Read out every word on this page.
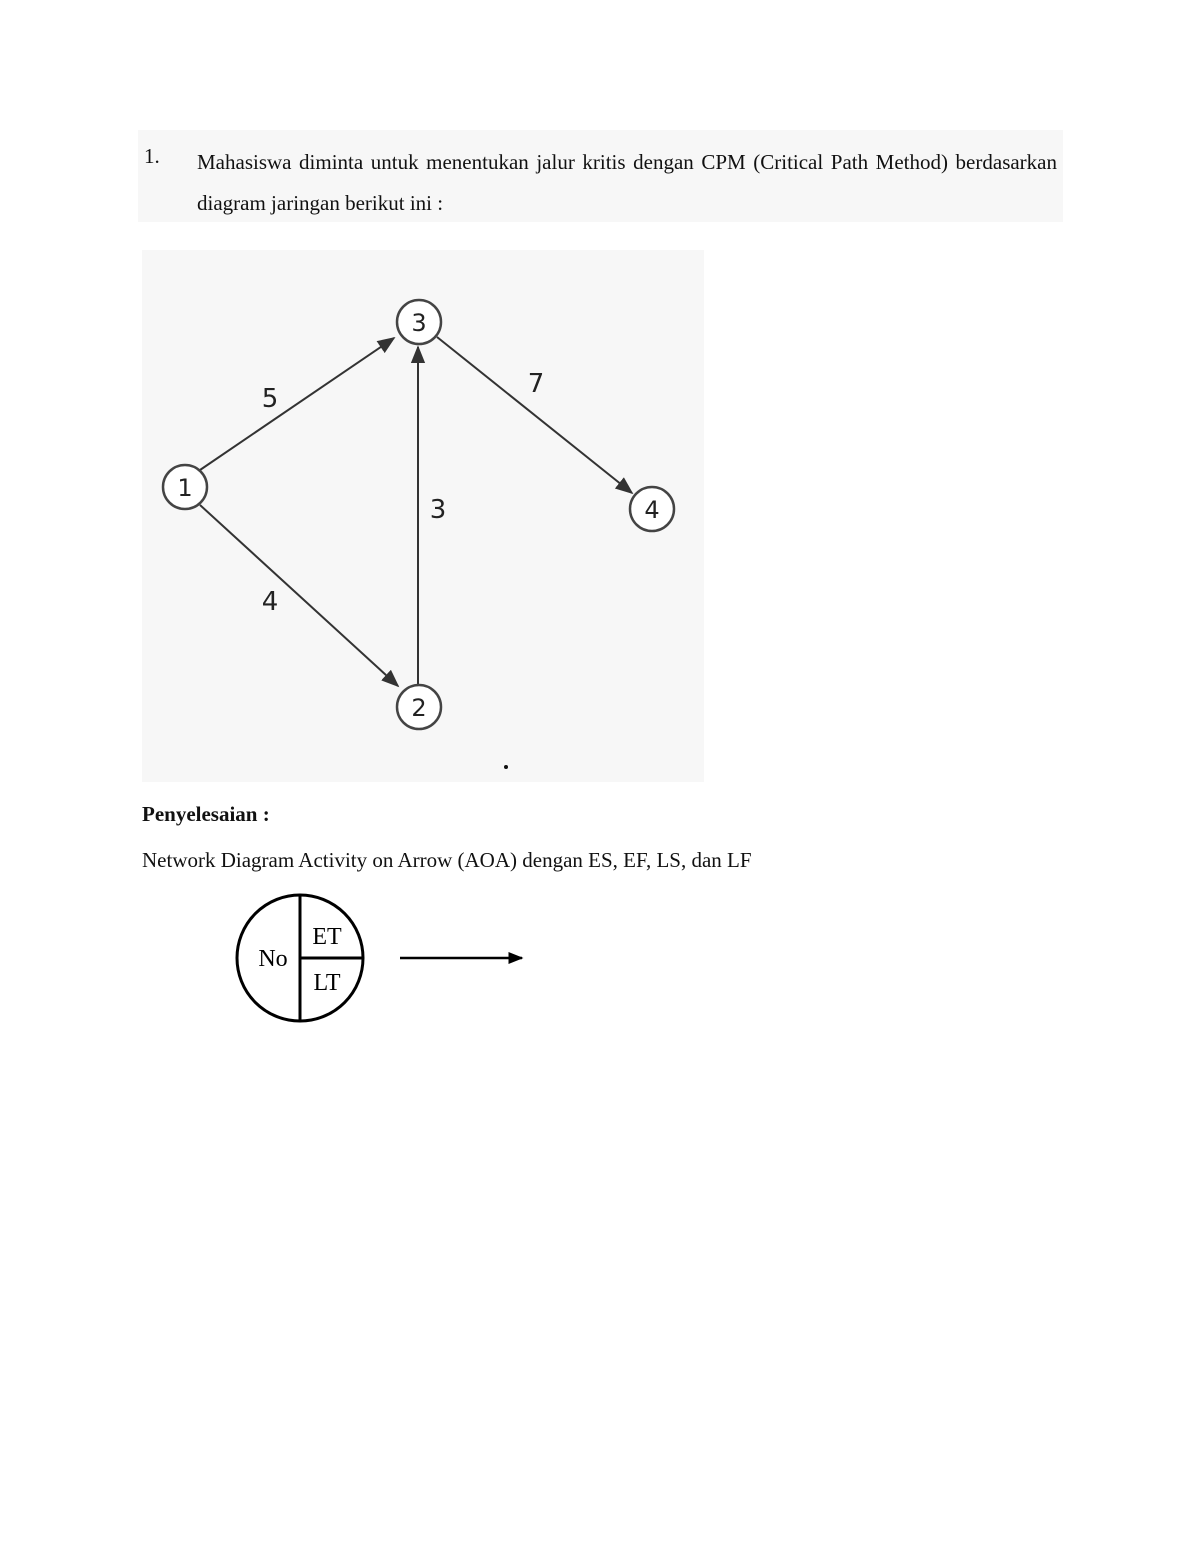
1. Mahasiswa diminta untuk menentukan jalur kritis dengan CPM (Critical Path Method) berdasarkan diagram jaringan berikut ini :
5
4
3
7
1
2
3
4
Penyelesaian :
Network Diagram Activity on Arrow (AOA) dengan ES, EF, LS, dan LF
No
ET
LT
